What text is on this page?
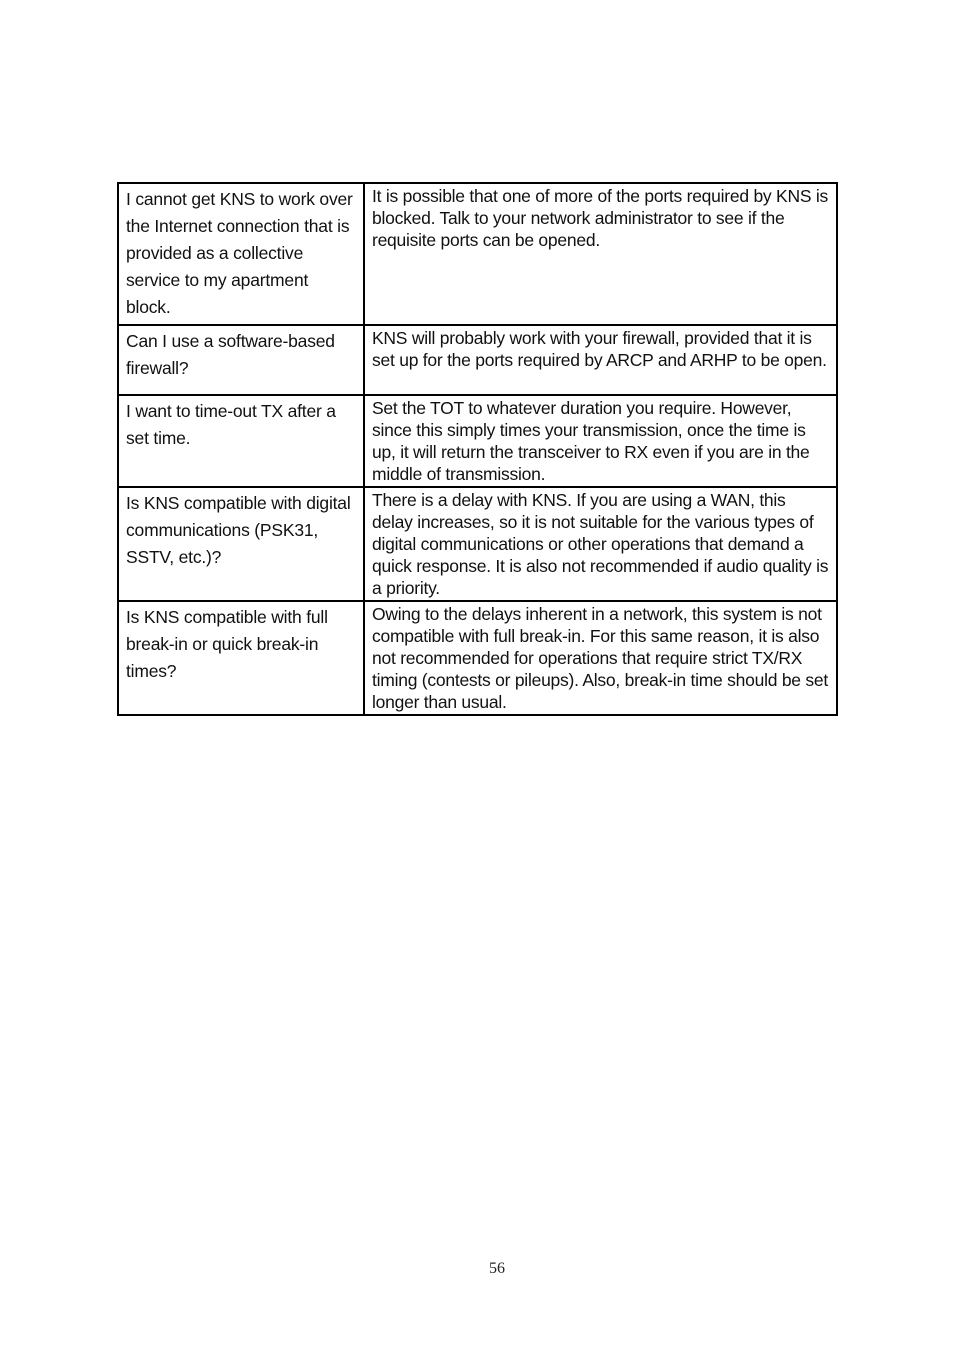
I cannot get KNS to work over the Internet connection that is provided as a collective service to my apartment block.	It is possible that one of more of the ports required by KNS is blocked. Talk to your network administrator to see if the requisite ports can be opened.
Can I use a software-based firewall?	KNS will probably work with your firewall, provided that it is set up for the ports required by ARCP and ARHP to be open.
I want to time-out TX after a set time.	Set the TOT to whatever duration you require. However, since this simply times your transmission, once the time is up, it will return the transceiver to RX even if you are in the middle of transmission.
Is KNS compatible with digital communications (PSK31, SSTV, etc.)?	There is a delay with KNS. If you are using a WAN, this delay increases, so it is not suitable for the various types of digital communications or other operations that demand a quick response. It is also not recommended if audio quality is a priority.
Is KNS compatible with full break-in or quick break-in times?	Owing to the delays inherent in a network, this system is not compatible with full break-in. For this same reason, it is also not recommended for operations that require strict TX/RX timing (contests or pileups). Also, break-in time should be set longer than usual.
56
